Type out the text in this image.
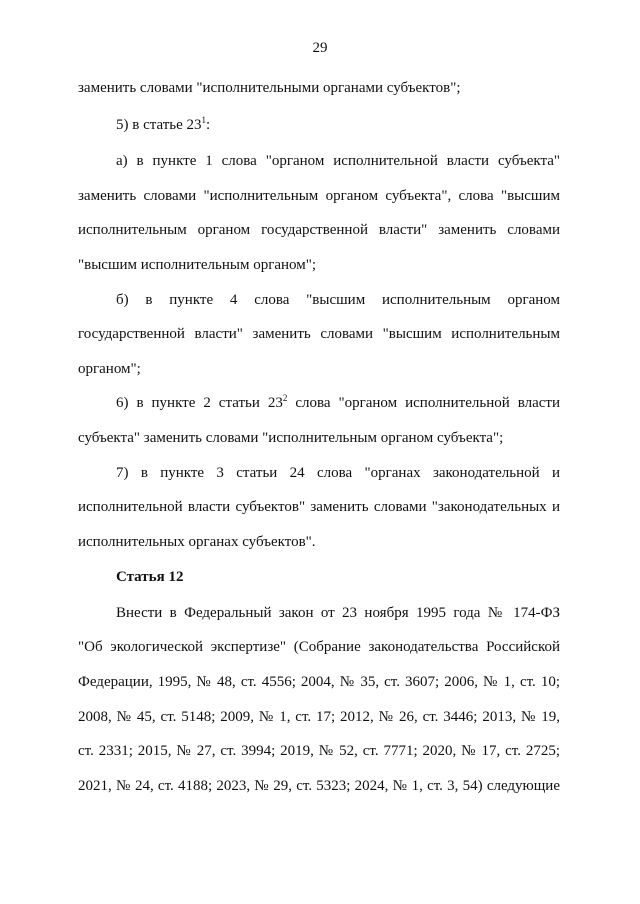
29
заменить словами "исполнительными органами субъектов";
5) в статье $23^1$:
а) в пункте 1 слова "органом исполнительной власти субъекта"
заменить словами "исполнительным органом субъекта", слова "высшим
исполнительным органом государственной власти" заменить словами
"высшим исполнительным органом";
б) в пункте 4 слова "высшим исполнительным органом
государственной власти" заменить словами "высшим исполнительным
органом";
6) в пункте 2 статьи $23^2$ слова "органом исполнительной власти
субъекта" заменить словами "исполнительным органом субъекта";
7) в пункте 3 статьи 24 слова "органах законодательной и
исполнительной власти субъектов" заменить словами "законодательных и
исполнительных органах субъектов".
Статья 12
Внести в Федеральный закон от 23 ноября 1995 года № 174-ФЗ
"Об экологической экспертизе" (Собрание законодательства Российской
Федерации, 1995, № 48, ст. 4556; 2004, № 35, ст. 3607; 2006, № 1, ст. 10;
2008, № 45, ст. 5148; 2009, № 1, ст. 17; 2012, № 26, ст. 3446; 2013, № 19,
ст. 2331; 2015, № 27, ст. 3994; 2019, № 52, ст. 7771; 2020, № 17, ст. 2725;
2021, № 24, ст. 4188; 2023, № 29, ст. 5323; 2024, № 1, ст. 3, 54) следующие
